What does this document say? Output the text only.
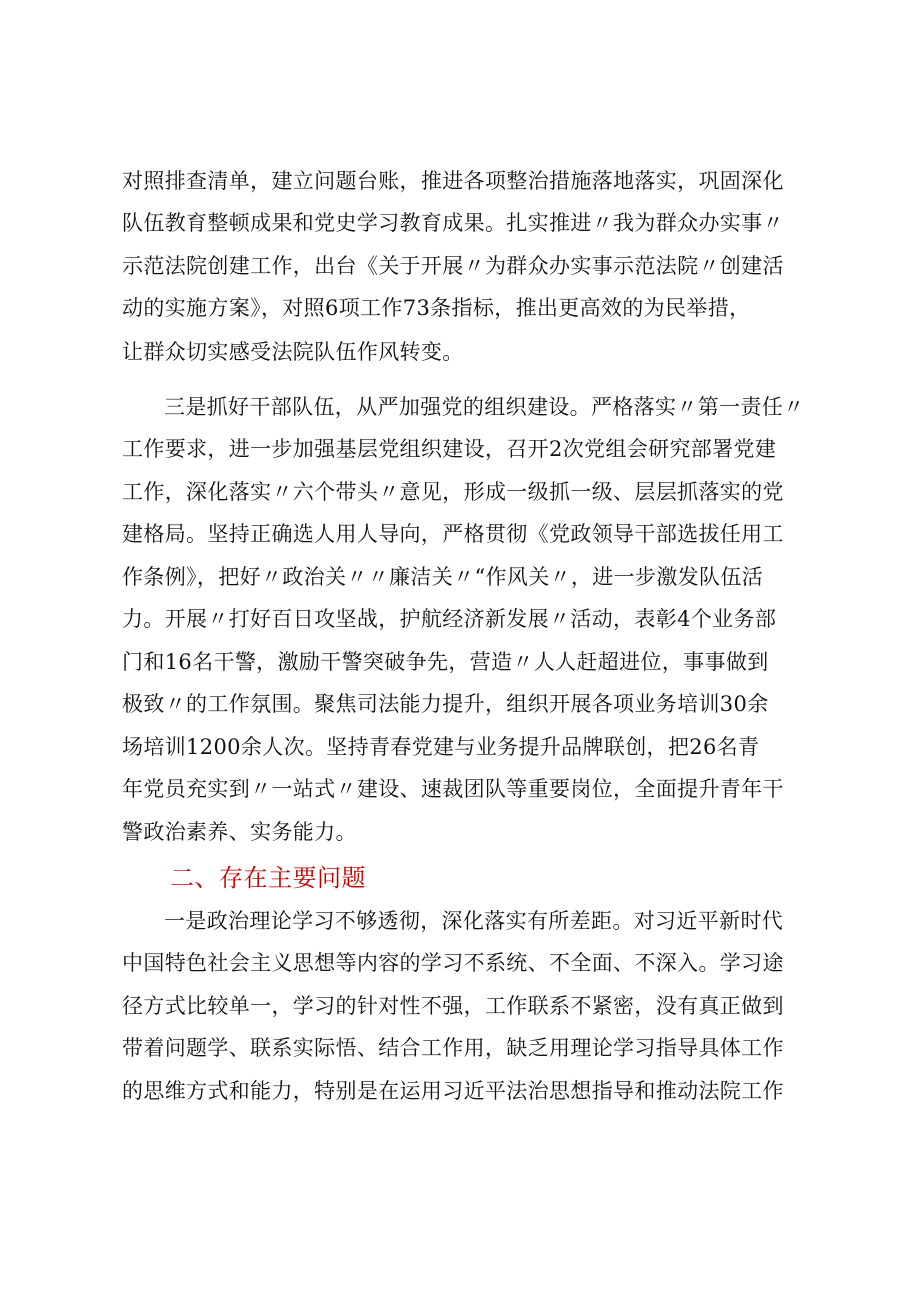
对照排查清单，建立问题台账，推进各项整治措施落地落实，巩固深化
队伍教育整顿成果和党史学习教育成果。扎实推进〃我为群众办实事〃
示范法院创建工作，出台《关于开展〃为群众办实事示范法院〃创建活
动的实施方案》，对照6项工作73条指标，推出更高效的为民举措，
让群众切实感受法院队伍作风转变。
三是抓好干部队伍，从严加强党的组织建设。严格落实〃第一责任〃
工作要求，进一步加强基层党组织建设，召开2次党组会研究部署党建
工作，深化落实〃六个带头〃意见，形成一级抓一级、层层抓落实的党
建格局。坚持正确选人用人导向，严格贯彻《党政领导干部选拔任用工
作条例》，把好〃政治关〃〃廉洁关〃“作风关〃，进一步激发队伍活
力。开展〃打好百日攻坚战，护航经济新发展〃活动，表彰4个业务部
门和16名干警，激励干警突破争先，营造〃人人赶超进位，事事做到
极致〃的工作氛围。聚焦司法能力提升，组织开展各项业务培训30余
场培训1200余人次。坚持青春党建与业务提升品牌联创，把26名青
年党员充实到〃一站式〃建设、速裁团队等重要岗位，全面提升青年干
警政治素养、实务能力。
二、存在主要问题
一是政治理论学习不够透彻，深化落实有所差距。对习近平新时代
中国特色社会主义思想等内容的学习不系统、不全面、不深入。学习途
径方式比较单一，学习的针对性不强，工作联系不紧密，没有真正做到
带着问题学、联系实际悟、结合工作用，缺乏用理论学习指导具体工作
的思维方式和能力，特别是在运用习近平法治思想指导和推动法院工作
